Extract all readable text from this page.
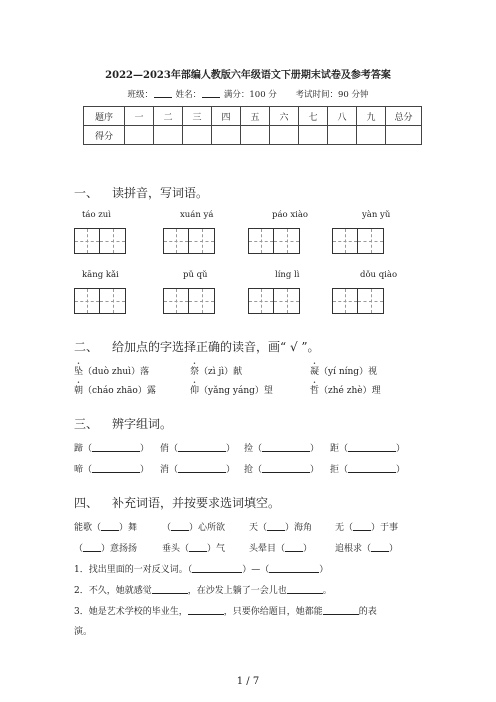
2022—2023年部编人教版六年级语文下册期末试卷及参考答案
班级：	姓名：	满分：100 分 考试时间：90 分钟
题序	一	二	三	四	五	六	七	八	九	总分
得分										
一、 读拼音，写词语。
táo zuì	xuán yá	páo xiào	yàn yǔ
kāng kǎi	pǔ qǔ	líng lì	dǒu qiào
二、 给加点的字选择正确的读音，画“ √ ”。
坠（duò zhuì）落	祭（zì jì）献	凝（yí níng）视
朝（cháo zhāo）露	仰（yǎng yáng）望	哲（zhé zhè）理
三、 辨字组词。
蹄（	） 俏（	） 捡（	） 距（	）
啼（	） 消（	） 抢（	） 拒（	）
四、 补充词语，并按要求选词填空。
能歌（ ）舞	（ ）心所欲	天（ ）海角	无（ ）于事
（ ）意扬扬	垂头（ ）气	头晕目（ ）	追根求（ ）
1．找出里面的一对反义词。（	）—（	）
2．不久，她就感觉	，在沙发上躺了一会儿也	。
3．她是艺术学校的毕业生，	，只要你给题目，她都能	的表
演。
1 / 7
